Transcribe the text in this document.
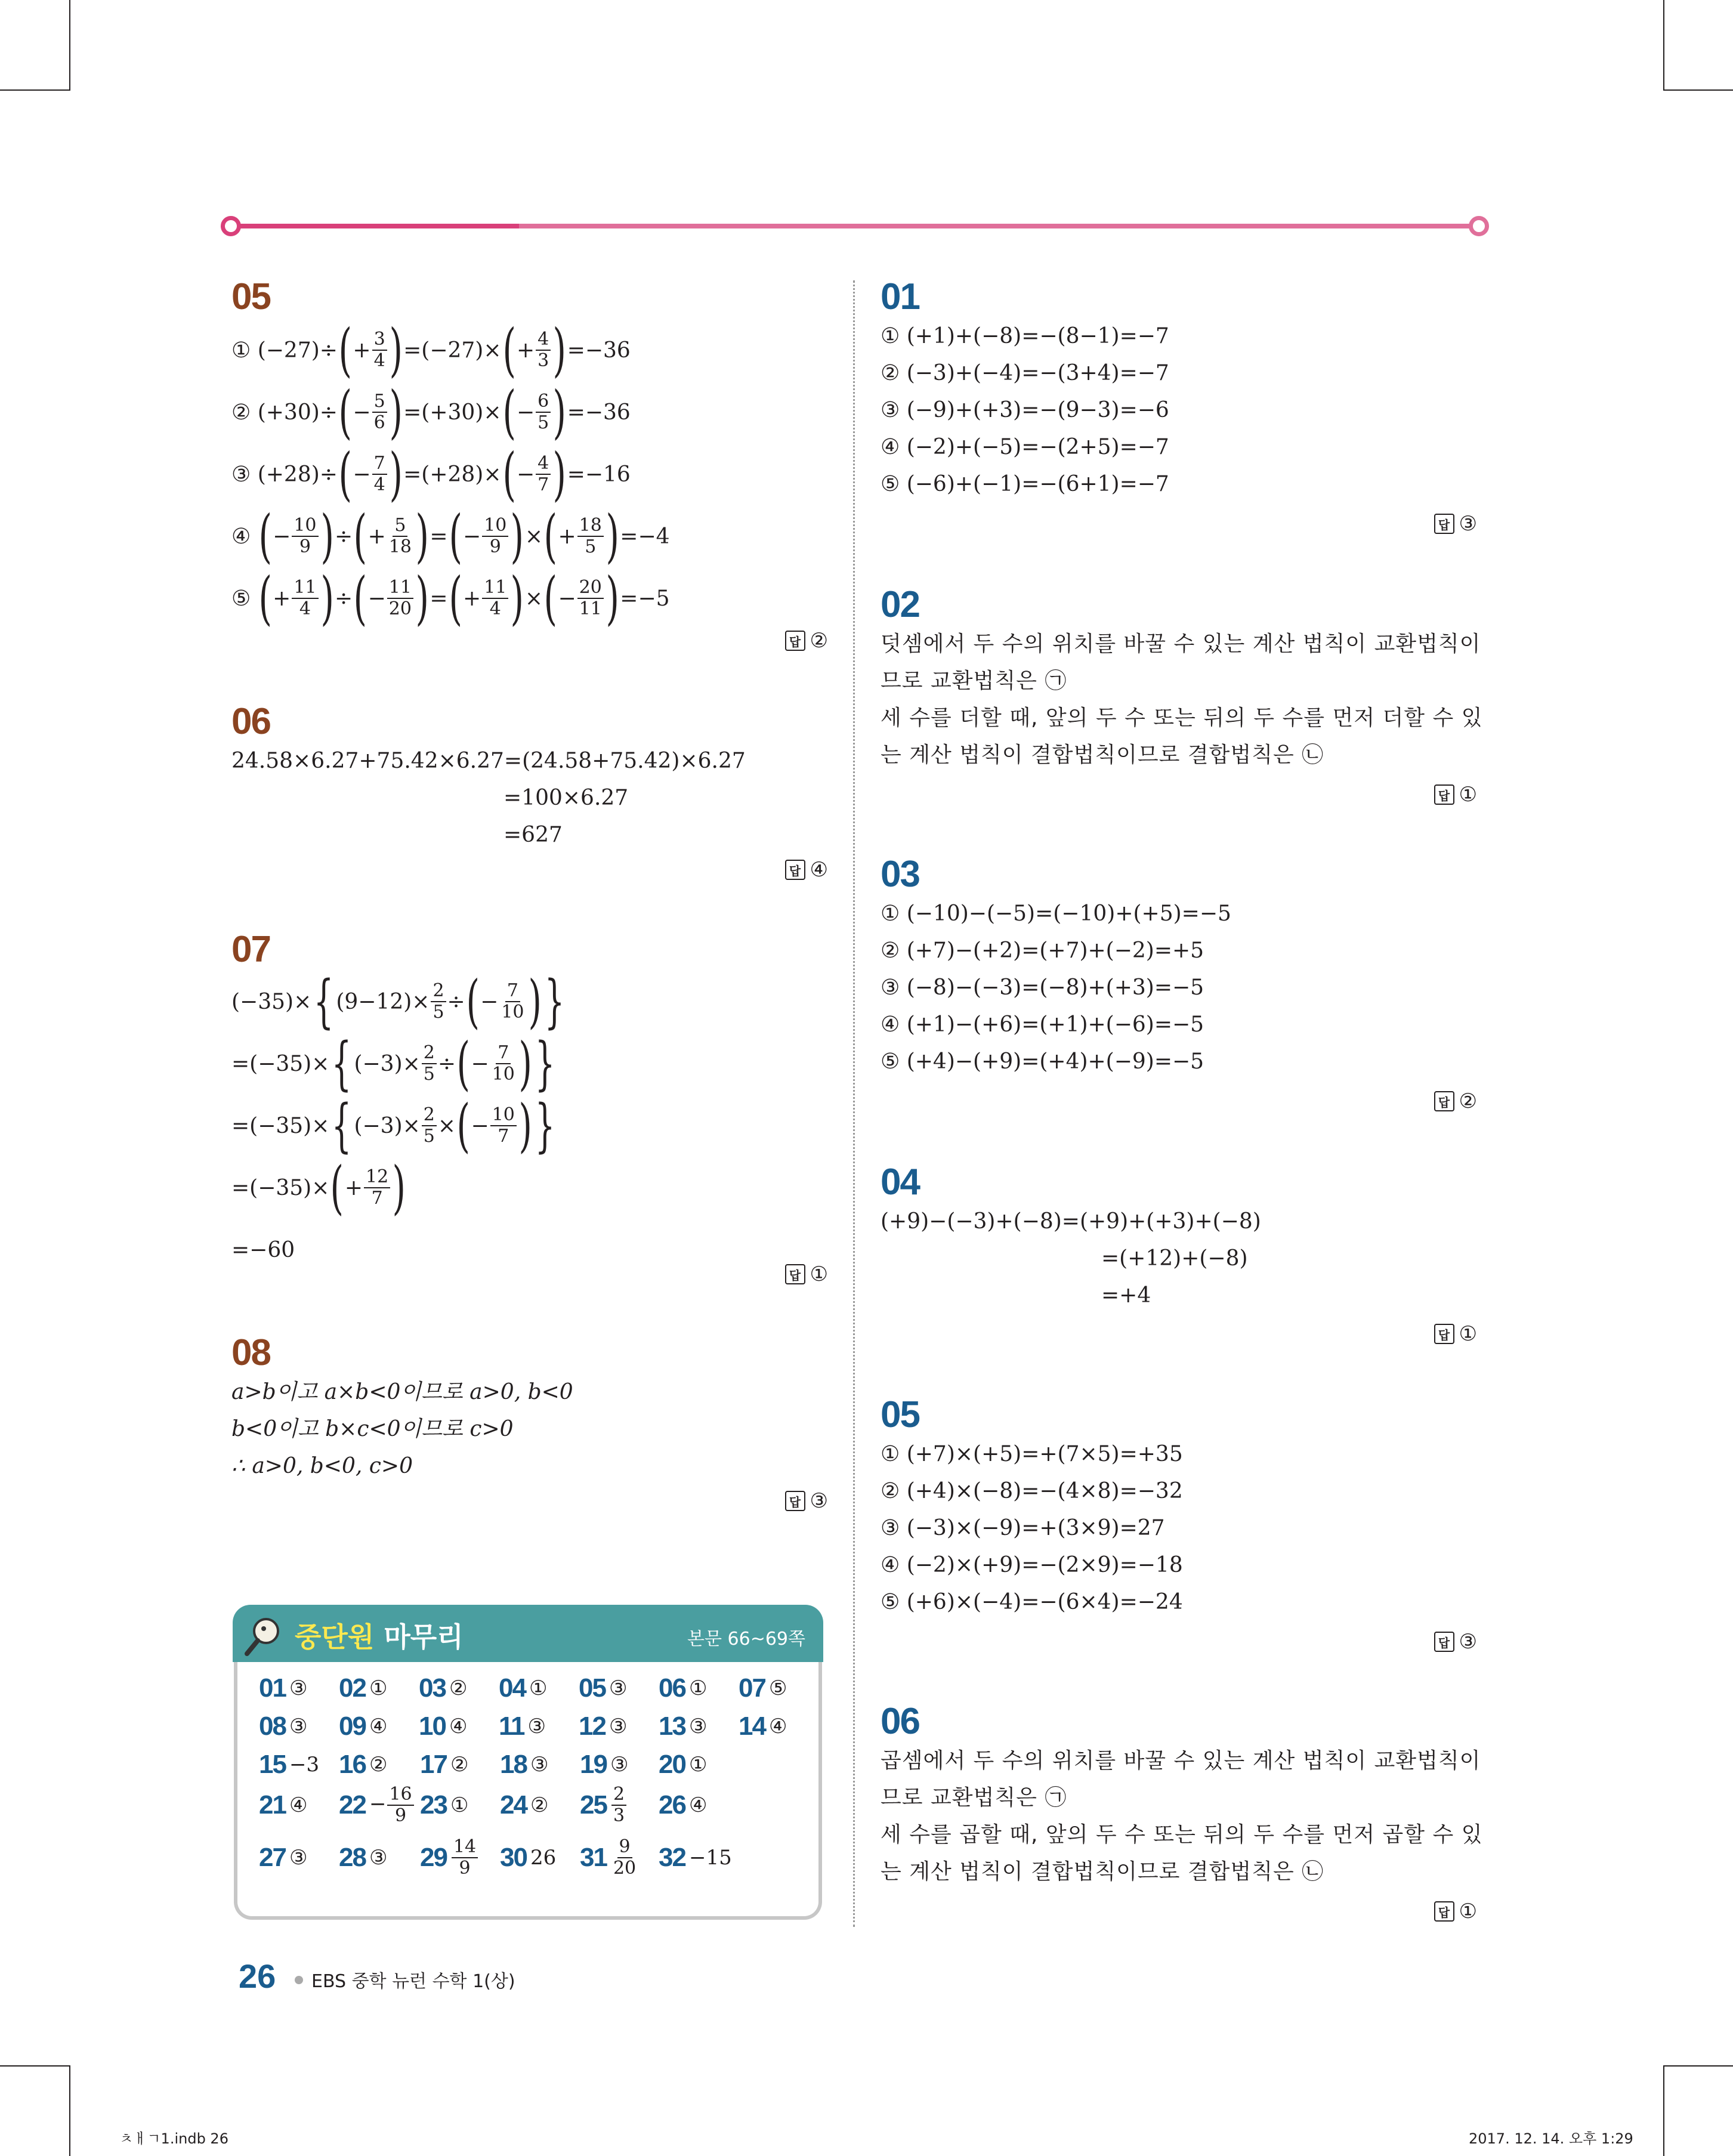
05
① (−27)÷ ( + $\frac{3}{4}$ ) =(−27)× ( + $\frac{4}{3}$ ) =−36
② (+30)÷ ( − $\frac{5}{6}$ ) =(+30)× ( − $\frac{6}{5}$ ) =−36
③ (+28)÷ ( − $\frac{7}{4}$ ) =(+28)× ( − $\frac{4}{7}$ ) =−16
④ ( − $\frac{10}{9}$ ) ÷ ( + $\frac{5}{18}$ ) = ( − $\frac{10}{9}$ ) × ( + $\frac{18}{5}$ ) =−4
⑤ ( + $\frac{11}{4}$ ) ÷ ( − $\frac{11}{20}$ ) = ( + $\frac{11}{4}$ ) × ( − $\frac{20}{11}$ ) =−5
답 ②
06
24.58×6.27+75.42×6.27=(24.58+75.42)×6.27
=100×6.27
=627
답 ④
07
(−35)× { $(9-12)\times \frac{2}{5}$ ÷ ( − $\frac{7}{10}$ ) }
=(−35)× { $(-3)\times \frac{2}{5}$ ÷ ( − $\frac{7}{10}$ ) }
=(−35)× { $(-3)\times \frac{2}{5}$ × ( − $\frac{10}{7}$ ) }
=(−35)× ( + $\frac{12}{7}$ )
=−60
답 ①
08
a>b이고 a×b<0이므로 a>0, b<0
b<0이고 b×c<0이므로 c>0
∴ a>0, b<0, c>0
답 ③
중단원 마무리	본문 66~69쪽
01 ③ 02 ① 03 ② 04 ① 05 ③ 06 ① 07 ⑤
08 ③ 09 ④ 10 ④ 11 ③ 12 ③ 13 ③ 14 ④
15 −3 16 ② 17 ② 18 ③ 19 ③ 20 ①
21 ④ $22 - \frac{16}{9} 23$ ① 24 ② $25 \frac{2}{3} 26$ ④
27 ③ 28 ③ $29 \frac{14}{9} 30$ 26 $31 \frac{9}{20} 32 -15$
01
① (+1)+(−8)=−(8−1)=−7
② (−3)+(−4)=−(3+4)=−7
③ (−9)+(+3)=−(9−3)=−6
④ (−2)+(−5)=−(2+5)=−7
⑤ (−6)+(−1)=−(6+1)=−7
답 ③
02
덧셈에서 두 수의 위치를 바꿀 수 있는 계산 법칙이 교환법칙이
므로 교환법칙은 ㉠
세 수를 더할 때, 앞의 두 수 또는 뒤의 두 수를 먼저 더할 수 있
는 계산 법칙이 결합법칙이므로 결합법칙은 ㉡
답 ①
03
① (−10)−(−5)=(−10)+(+5)=−5
② (+7)−(+2)=(+7)+(−2)=+5
③ (−8)−(−3)=(−8)+(+3)=−5
④ (+1)−(+6)=(+1)+(−6)=−5
⑤ (+4)−(+9)=(+4)+(−9)=−5
답 ②
04
(+9)−(−3)+(−8)=(+9)+(+3)+(−8)
=(+12)+(−8)
=+4
답 ①
05
① (+7)×(+5)=+(7×5)=+35
② (+4)×(−8)=−(4×8)=−32
③ (−3)×(−9)=+(3×9)=27
④ (−2)×(+9)=−(2×9)=−18
⑤ (+6)×(−4)=−(6×4)=−24
답 ③
06
곱셈에서 두 수의 위치를 바꿀 수 있는 계산 법칙이 교환법칙이
므로 교환법칙은 ㉠
세 수를 곱할 때, 앞의 두 수 또는 뒤의 두 수를 먼저 곱할 수 있
는 계산 법칙이 결합법칙이므로 결합법칙은 ㉡
답 ①
26 EBS 중학 뉴런 수학 1(상)
ㅊㅐㄱ1.indb 26	2017. 12. 14. 오후 1:29
